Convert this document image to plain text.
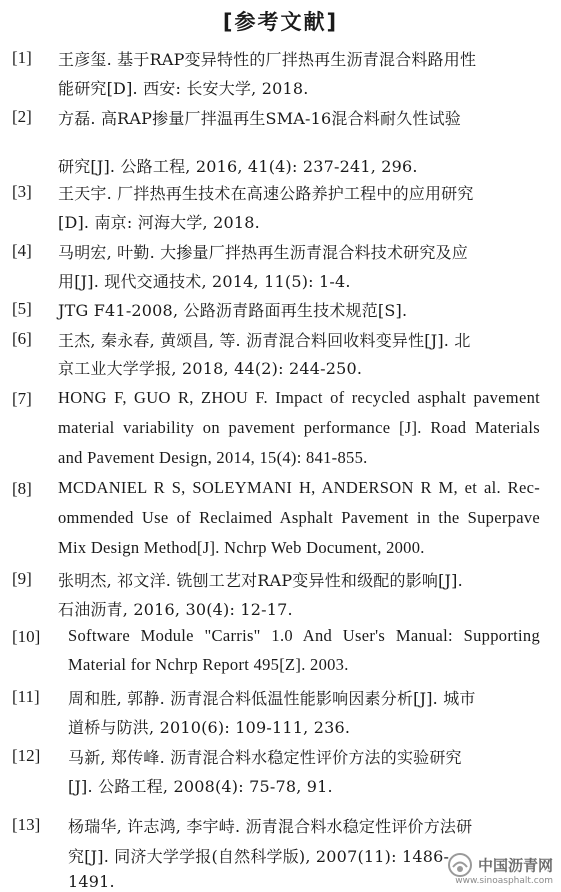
[参考文献]
[1] 王彦玺. 基于RAP变异特性的厂拌热再生沥青混合料路用性
能研究[D]. 西安: 长安大学, 2018.
[2] 方磊. 高RAP掺量厂拌温再生SMA-16混合料耐久性试验
研究[J]. 公路工程, 2016, 41(4): 237-241, 296.
[3] 王天宇. 厂拌热再生技术在高速公路养护工程中的应用研究
[D]. 南京: 河海大学, 2018.
[4] 马明宏, 叶勤. 大掺量厂拌热再生沥青混合料技术研究及应
用[J]. 现代交通技术, 2014, 11(5): 1-4.
[5] JTG F41-2008, 公路沥青路面再生技术规范[S].
[6] 王杰, 秦永春, 黄颂昌, 等. 沥青混合料回收料变异性[J]. 北
京工业大学学报, 2018, 44(2): 244-250.
[7] HONG F, GUO R, ZHOU F. Impact of recycled asphalt pavement
material variability on pavement performance [J]. Road Materials
and Pavement Design, 2014, 15(4): 841-855.
[8] MCDANIEL R S, SOLEYMANI H, ANDERSON R M, et al. Rec-
ommended Use of Reclaimed Asphalt Pavement in the Superpave
Mix Design Method[J]. Nchrp Web Document, 2000.
[9] 张明杰, 祁文洋. 铣刨工艺对RAP变异性和级配的影响[J].
石油沥青, 2016, 30(4): 12-17.
[10] Software Module "Carris" 1.0 And User's Manual: Supporting
Material for Nchrp Report 495[Z]. 2003.
[11] 周和胜, 郭静. 沥青混合料低温性能影响因素分析[J]. 城市
道桥与防洪, 2010(6): 109-111, 236.
[12] 马新, 郑传峰. 沥青混合料水稳定性评价方法的实验研究
[J]. 公路工程, 2008(4): 75-78, 91.
[13] 杨瑞华, 许志鸿, 李宇峙. 沥青混合料水稳定性评价方法研
究[J]. 同济大学学报(自然科学版), 2007(11): 1486-
1491.
中国沥青网
www.sinoasphalt.com
